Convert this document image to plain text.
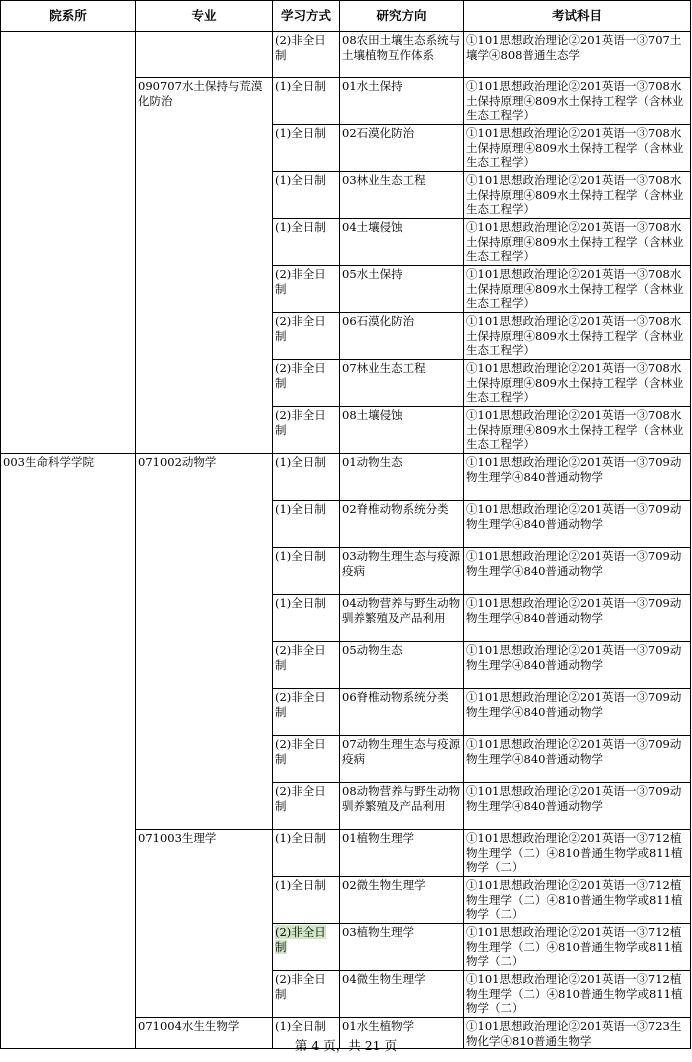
院系所	专业	学习方式	研究方向	考试科目

		(2)非全日制	08农田土壤生态系统与土壤植物互作体系	①101思想政治理论②201英语一③707土壤学④808普通生态学

	090707水土保持与荒漠化防治	(1)全日制	01水土保持	①101思想政治理论②201英语一③708水土保持原理④809水土保持工程学（含林业生态工程学）

		(1)全日制	02石漠化防治	①101思想政治理论②201英语一③708水土保持原理④809水土保持工程学（含林业生态工程学）

		(1)全日制	03林业生态工程	①101思想政治理论②201英语一③708水土保持原理④809水土保持工程学（含林业生态工程学）

		(1)全日制	04土壤侵蚀	①101思想政治理论②201英语一③708水土保持原理④809水土保持工程学（含林业生态工程学）

		(2)非全日制	05水土保持	①101思想政治理论②201英语一③708水土保持原理④809水土保持工程学（含林业生态工程学）

		(2)非全日制	06石漠化防治	①101思想政治理论②201英语一③708水土保持原理④809水土保持工程学（含林业生态工程学）

		(2)非全日制	07林业生态工程	①101思想政治理论②201英语一③708水土保持原理④809水土保持工程学（含林业生态工程学）

		(2)非全日制	08土壤侵蚀	①101思想政治理论②201英语一③708水土保持原理④809水土保持工程学（含林业生态工程学）

003生命科学学院	071002动物学	(1)全日制	01动物生态	①101思想政治理论②201英语一③709动物生理学④840普通动物学

		(1)全日制	02脊椎动物系统分类	①101思想政治理论②201英语一③709动物生理学④840普通动物学

		(1)全日制	03动物生理生态与疫源疫病	①101思想政治理论②201英语一③709动物生理学④840普通动物学

		(1)全日制	04动物营养与野生动物驯养繁殖及产品利用	①101思想政治理论②201英语一③709动物生理学④840普通动物学

		(2)非全日制	05动物生态	①101思想政治理论②201英语一③709动物生理学④840普通动物学

		(2)非全日制	06脊椎动物系统分类	①101思想政治理论②201英语一③709动物生理学④840普通动物学

		(2)非全日制	07动物生理生态与疫源疫病	①101思想政治理论②201英语一③709动物生理学④840普通动物学

		(2)非全日制	08动物营养与野生动物驯养繁殖及产品利用	①101思想政治理论②201英语一③709动物生理学④840普通动物学

	071003生理学	(1)全日制	01植物生理学	①101思想政治理论②201英语一③712植物生理学（二）④810普通生物学或811植物学（二）

		(1)全日制	02微生物生理学	①101思想政治理论②201英语一③712植物生理学（二）④810普通生物学或811植物学（二）

		(2)非全日制	03植物生理学	①101思想政治理论②201英语一③712植物生理学（二）④810普通生物学或811植物学（二）

		(2)非全日制	04微生物生理学	①101思想政治理论②201英语一③712植物生理学（二）④810普通生物学或811植物学（二）

	071004水生生物学	(1)全日制	01水生植物学	①101思想政治理论②201英语一③723生物化学④810普通生物学
第 4 页，共 21 页
